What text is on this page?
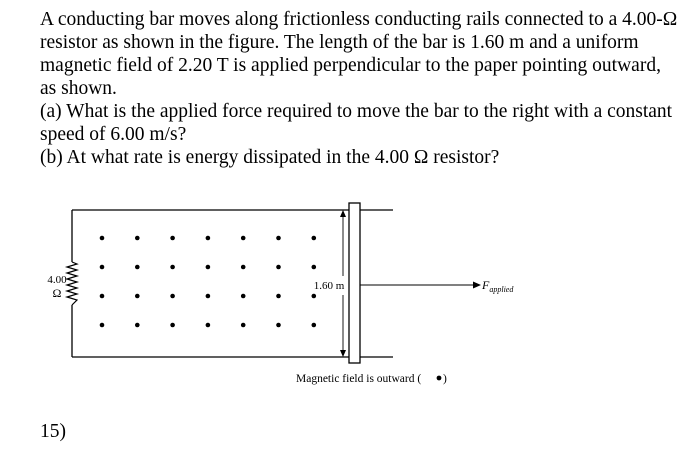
A conducting bar moves along frictionless conducting rails connected to a 4.00-Ω resistor as shown in the figure. The length of the bar is 1.60 m and a uniform magnetic field of 2.20 T is applied perpendicular to the paper pointing outward, as shown.

(a) What is the applied force required to move the bar to the right with a constant speed of 6.00 m/s?

(b) At what rate is energy dissipated in the 4.00 Ω resistor?

4.00
Ω	1.60 m	$F_{applied}$
Magnetic field is outward ( )
15)
